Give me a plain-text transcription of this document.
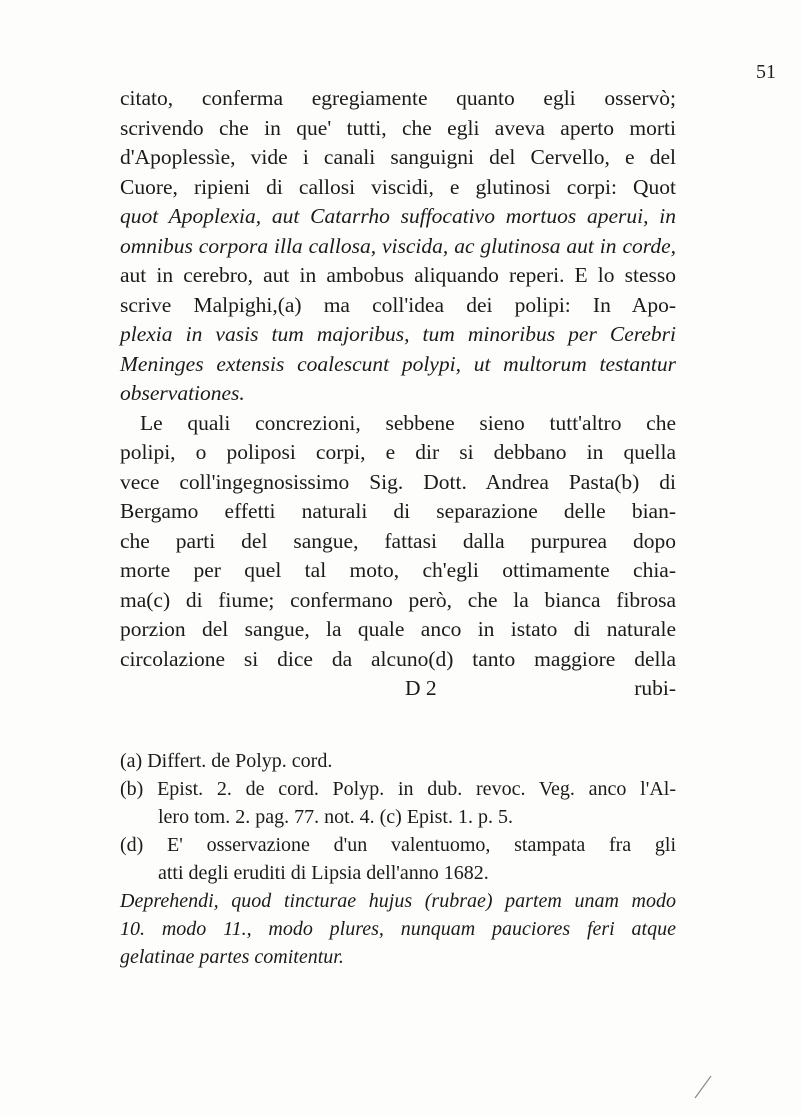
51
citato, conferma egregiamente quanto egli osservò;
scrivendo che in que' tutti, che egli aveva aperto morti
d'Apoplessìe, vide i canali sanguigni del Cervello, e del
Cuore, ripieni di callosi viscidi, e glutinosi corpi: Quot
quot Apoplexia, aut Catarrho suffocativo mortuos aperui, in
omnibus corpora illa callosa, viscida, ac glutinosa aut in corde,
aut in cerebro, aut in ambobus aliquando reperi. E lo stesso
scrive Malpighi,(a) ma coll'idea dei polipi: In Apo-
plexia in vasis tum majoribus, tum minoribus per Cerebri
Meninges extensis coalescunt polypi, ut multorum testantur
observationes.
Le quali concrezioni, sebbene sieno tutt'altro che
polipi, o poliposi corpi, e dir si debbano in quella
vece coll'ingegnosissimo Sig. Dott. Andrea Pasta(b) di
Bergamo effetti naturali di separazione delle bian-
che parti del sangue, fattasi dalla purpurea dopo
morte per quel tal moto, ch'egli ottimamente chia-
ma(c) di fiume; confermano però, che la bianca fibrosa
porzion del sangue, la quale anco in istato di naturale
circolazione si dice da alcuno(d) tanto maggiore della
D 2	rubi-
(a) Differt. de Polyp. cord.
(b) Epist. 2. de cord. Polyp. in dub. revoc. Veg. anco l'Al-
lero tom. 2. pag. 77. not. 4. (c) Epist. 1. p. 5.
(d) E' osservazione d'un valentuomo, stampata fra gli
atti degli eruditi di Lipsia dell'anno 1682.
Deprehendi, quod tincturae hujus (rubrae) partem unam modo
10. modo 11., modo plures, nunquam pauciores feri atque
gelatinae partes comitentur.
